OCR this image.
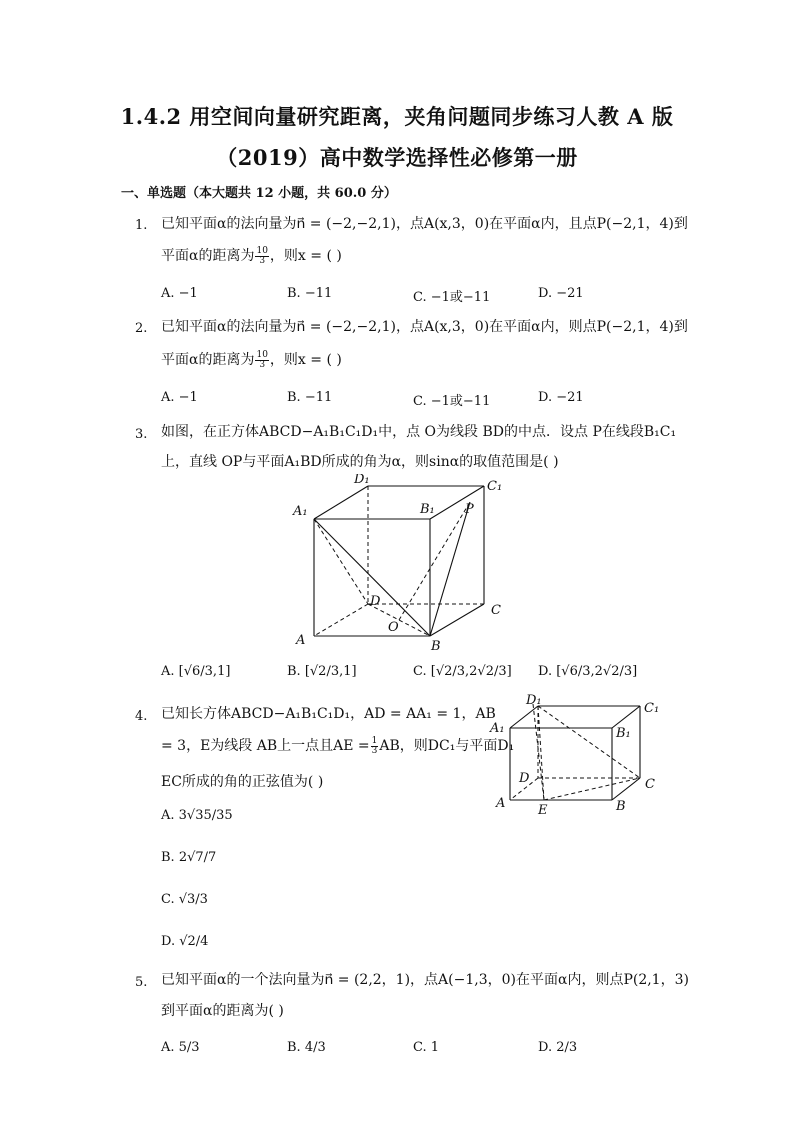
1.4.2 用空间向量研究距离，夹角问题同步练习人教 A 版
（2019）高中数学选择性必修第一册
一、单选题（本大题共 12 小题，共 60.0 分）
1. 已知平面α的法向量为n⃗ = (−2,−2,1)，点A(x,3，0)在平面α内，且点P(−2,1，4)到
平面α的距离为 $\frac{10}{3}$ ，则x = ( )
A. −1	B. −11	C. −1或−11	D. −21
2. 已知平面α的法向量为n⃗ = (−2,−2,1)，点A(x,3，0)在平面α内，则点P(−2,1，4)到
平面α的距离为 $\frac{10}{3}$ ，则x = ( )
A. −1	B. −11	C. −1或−11	D. −21
3. 如图，在正方体ABCD−A₁B₁C₁D₁中，点 O为线段 BD的中点．设点 P在线段B₁C₁
上，直线 OP与平面A₁BD所成的角为α，则sinα的取值范围是( )
D₁	C₁
A₁	B₁ P
D
C
A
O
B
A. [√6/3,1]	B. [√2/3,1]	C. [√2/3,2√2/3] D. [√6/3,2√2/3]
4. 已知长方体ABCD−A₁B₁C₁D₁，AD = AA₁ = 1，AB
= 3，E为线段 AB上一点且AE = $\frac{1}{3}$ AB，则DC₁与平面D₁
EC所成的角的正弦值为( )
D₁
C₁
A₁	B₁
D	C
A	E	B
A. 3√35/35
B. 2√7/7
C. √3/3
D. √2/4
5. 已知平面α的一个法向量为n⃗ = (2,2，1)，点A(−1,3，0)在平面α内，则点P(2,1，3)
到平面α的距离为( )
A. 5/3	B. 4/3	C. 1	D. 2/3
